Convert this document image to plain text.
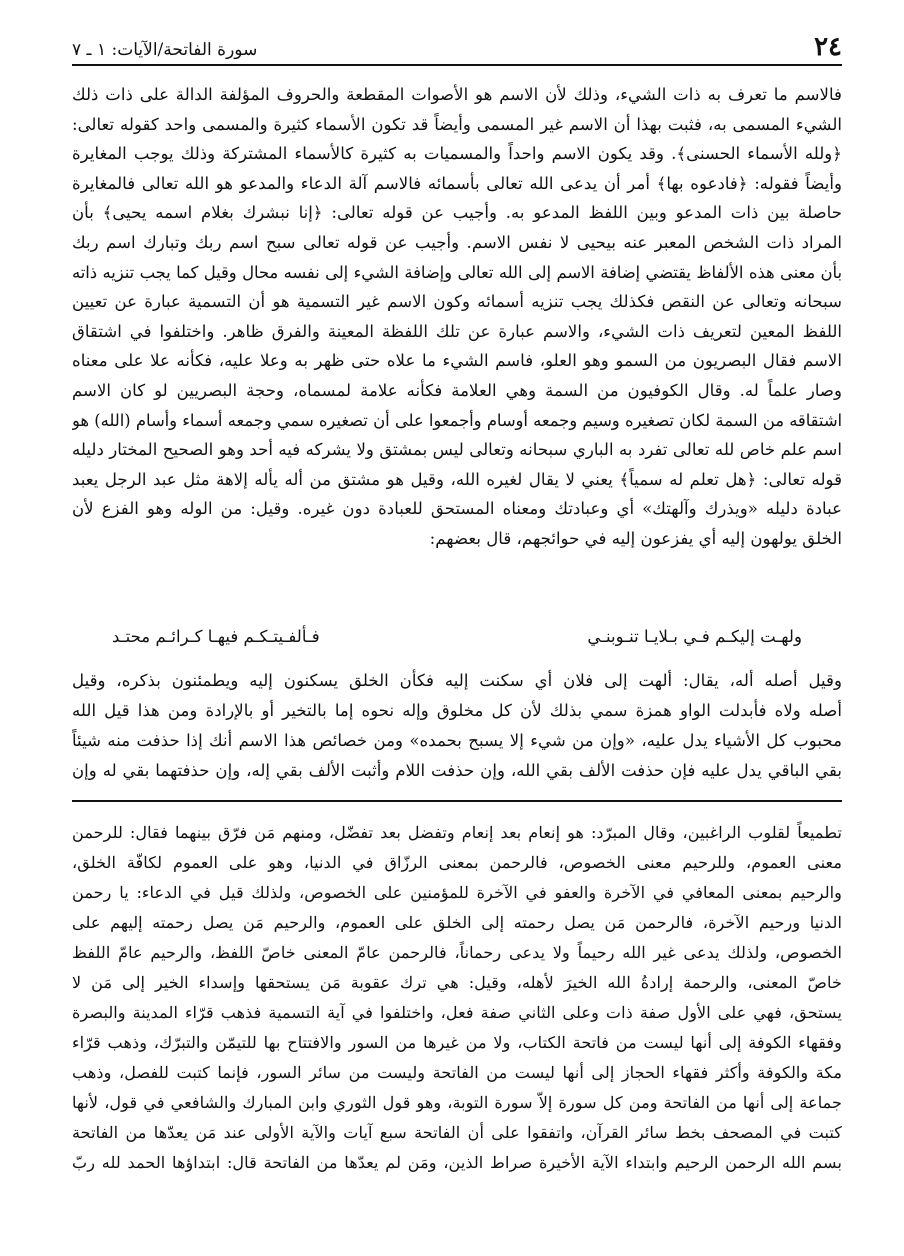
٢٤
سورة الفاتحة/الآيات: ١ ـ ٧

فالاسم ما تعرف به ذات الشيء، وذلك لأن الاسم هو الأصوات المقطعة والحروف المؤلفة الدالة على ذات ذلك

الشيء المسمى به، فثبت بهذا أن الاسم غير المسمى وأيضاً قد تكون الأسماء كثيرة والمسمى واحد كقوله تعالى:

﴿ولله الأسماء الحسنى﴾. وقد يكون الاسم واحداً والمسميات به كثيرة كالأسماء المشتركة وذلك يوجب المغايرة

وأيضاً فقوله: ﴿فادعوه بها﴾ أمر أن يدعى الله تعالى بأسمائه فالاسم آلة الدعاء والمدعو هو الله تعالى فالمغايرة

حاصلة بين ذات المدعو وبين اللفظ المدعو به. وأجيب عن قوله تعالى: ﴿إنا نبشرك بغلام اسمه يحيى﴾ بأن

المراد ذات الشخص المعبر عنه بيحيى لا نفس الاسم. وأجيب عن قوله تعالى سبح اسم ربك وتبارك اسم ربك

بأن معنى هذه الألفاظ يقتضي إضافة الاسم إلى الله تعالى وإضافة الشيء إلى نفسه محال وقيل كما يجب تنزيه ذاته

سبحانه وتعالى عن النقص فكذلك يجب تنزيه أسمائه وكون الاسم غير التسمية هو أن التسمية عبارة عن تعيين

اللفظ المعين لتعريف ذات الشيء، والاسم عبارة عن تلك اللفظة المعينة والفرق ظاهر. واختلفوا في اشتقاق

الاسم فقال البصريون من السمو وهو العلو، فاسم الشيء ما علاه حتى ظهر به وعلا عليه، فكأنه علا على معناه

وصار علماً له. وقال الكوفيون من السمة وهي العلامة فكأنه علامة لمسماه، وحجة البصريين لو كان الاسم

اشتقاقه من السمة لكان تصغيره وسيم وجمعه أوسام وأجمعوا على أن تصغيره سمي وجمعه أسماء وأسام (الله) هو

اسم علم خاص لله تعالى تفرد به الباري سبحانه وتعالى ليس بمشتق ولا يشركه فيه أحد وهو الصحيح المختار دليله

قوله تعالى: ﴿هل تعلم له سمياً﴾ يعني لا يقال لغيره الله، وقيل هو مشتق من أله يأله إلاهة مثل عبد الرجل يعبد

عبادة دليله «ويذرك وآلهتك» أي وعبادتك ومعناه المستحق للعبادة دون غيره. وقيل: من الوله وهو الفزع لأن

الخلق يولهون إليه أي يفزعون إليه في حوائجهم، قال بعضهم:

ولهـت إليكـم فـي بـلايـا تنـوبنـي
فـألفـيتـكـم فيهـا كـرائـم محتـد

وقيل أصله أله، يقال: ألهت إلى فلان أي سكنت إليه فكأن الخلق يسكنون إليه ويطمئنون بذكره، وقيل

أصله ولاه فأبدلت الواو همزة سمي بذلك لأن كل مخلوق وإله نحوه إما بالتخير أو بالإرادة ومن هذا قيل الله

محبوب كل الأشياء يدل عليه، «وإن من شيء إلا يسبح بحمده» ومن خصائص هذا الاسم أنك إذا حذفت منه شيئاً

بقي الباقي يدل عليه فإن حذفت الألف بقي الله، وإن حذفت اللام وأثبت الألف بقي إله، وإن حذفتهما بقي له وإن

تطميعاً لقلوب الراغبين، وقال المبرّد: هو إنعام بعد إنعام وتفضل بعد تفضّل، ومنهم مَن فرّق بينهما فقال: للرحمن

معنى العموم، وللرحيم معنى الخصوص، فالرحمن بمعنى الرزّاق في الدنيا، وهو على العموم لكافّة الخلق،

والرحيم بمعنى المعافي في الآخرة والعفو في الآخرة للمؤمنين على الخصوص، ولذلك قيل في الدعاء: يا رحمن

الدنيا ورحيم الآخرة، فالرحمن مَن يصل رحمته إلى الخلق على العموم، والرحيم مَن يصل رحمته إليهم على

الخصوص، ولذلك يدعى غير الله رحيماً ولا يدعى رحماناً، فالرحمن عامّ المعنى خاصّ اللفظ، والرحيم عامّ اللفظ

خاصّ المعنى، والرحمة إرادةُ الله الخيرَ لأهله، وقيل: هي ترك عقوبة مَن يستحقها وإسداء الخير إلى مَن لا

يستحق، فهي على الأول صفة ذات وعلى الثاني صفة فعل، واختلفوا في آية التسمية فذهب قرّاء المدينة والبصرة

وفقهاء الكوفة إلى أنها ليست من فاتحة الكتاب، ولا من غيرها من السور والافتتاح بها للتيمّن والتبرّك، وذهب قرّاء

مكة والكوفة وأكثر فقهاء الحجاز إلى أنها ليست من الفاتحة وليست من سائر السور، فإنما كتبت للفصل، وذهب

جماعة إلى أنها من الفاتحة ومن كل سورة إلاّ سورة التوبة، وهو قول الثوري وابن المبارك والشافعي في قول، لأنها

كتبت في المصحف بخط سائر القرآن، واتفقوا على أن الفاتحة سبع آيات والآية الأولى عند مَن يعدّها من الفاتحة

بسم الله الرحمن الرحيم وابتداء الآية الأخيرة صراط الذين، ومَن لم يعدّها من الفاتحة قال: ابتداؤها الحمد لله ربّ
